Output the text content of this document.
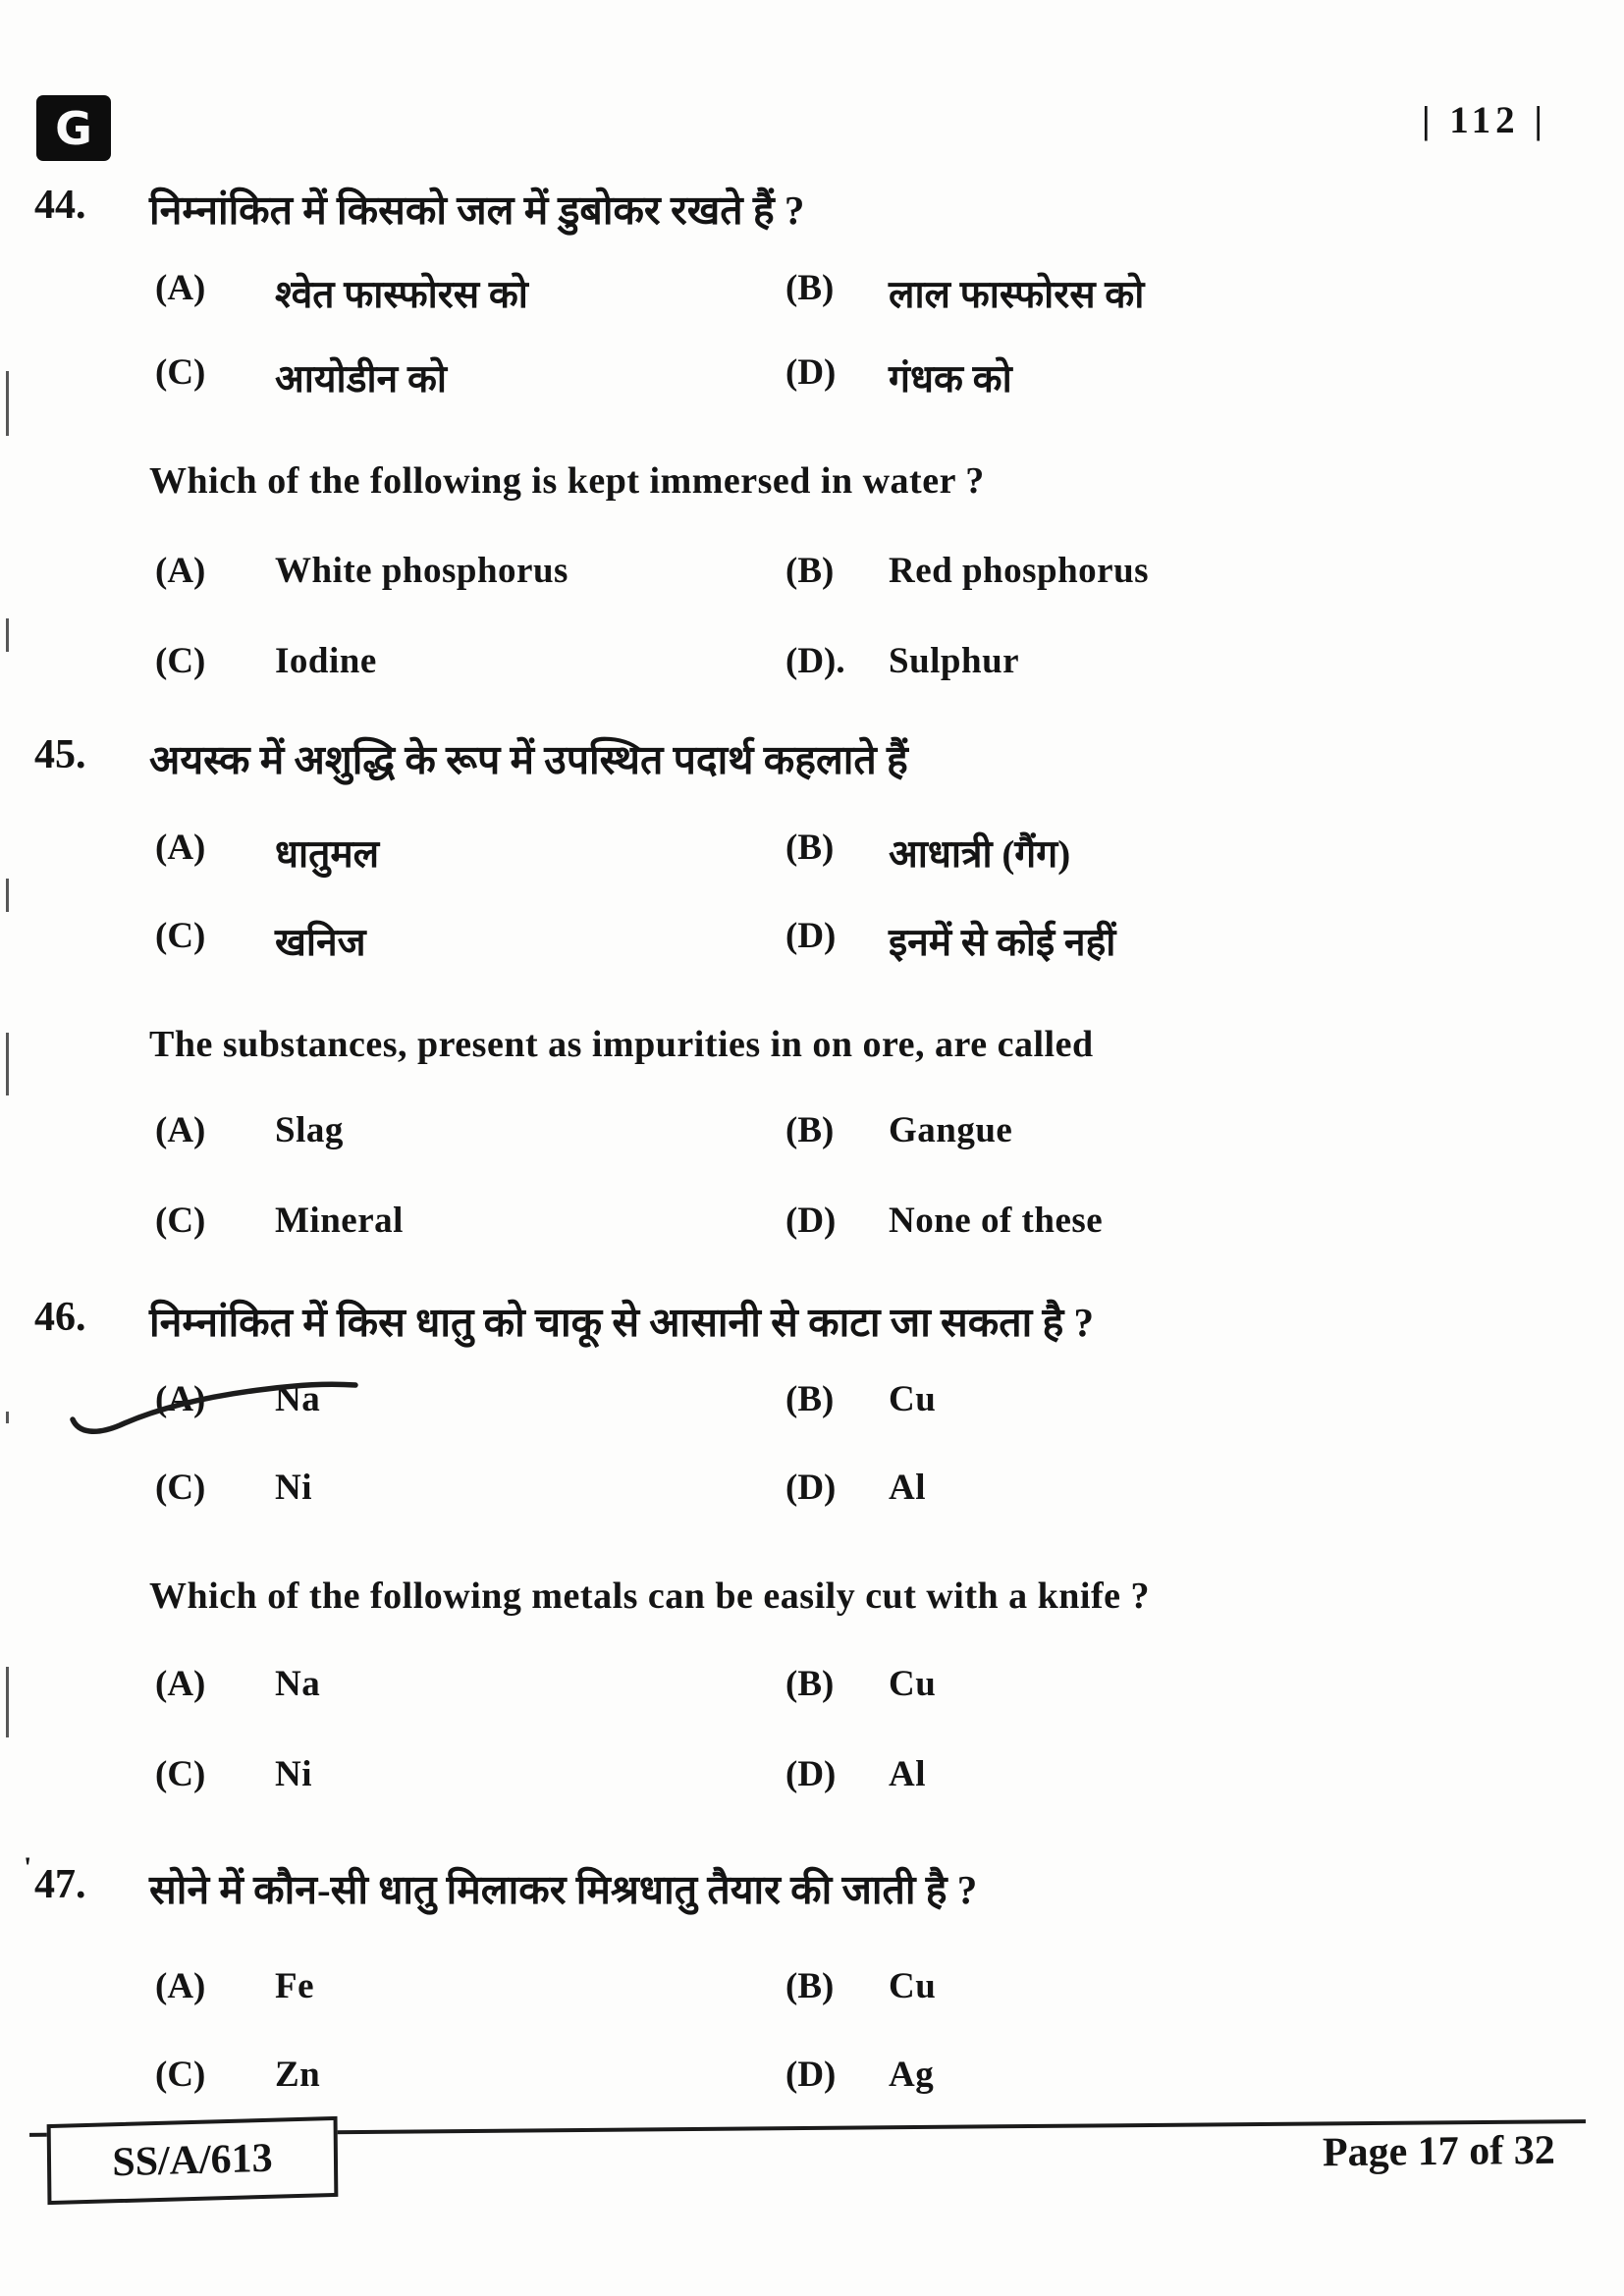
G	| 112 |
'
44. निम्नांकित में किसको जल में डुबोकर रखते हैं ?
(A) श्वेत फास्फोरस को	(B) लाल फास्फोरस को
(C) आयोडीन को	(D) गंधक को
Which of the following is kept immersed in water ?
(A) White phosphorus	(B) Red phosphorus
(C) Iodine	(D). Sulphur
45. अयस्क में अशुद्धि के रूप में उपस्थित पदार्थ कहलाते हैं
(A) धातुमल	(B) आधात्री (गैंग)
(C) खनिज	(D) इनमें से कोई नहीं
The substances, present as impurities in on ore, are called
(A) Slag	(B) Gangue
(C) Mineral	(D) None of these
46. निम्नांकित में किस धातु को चाकू से आसानी से काटा जा सकता है ?
(A) Na	(B) Cu
(C) Ni	(D) Al
Which of the following metals can be easily cut with a knife ?
(A) Na	(B) Cu
(C) Ni	(D) Al
47. सोने में कौन-सी धातु मिलाकर मिश्रधातु तैयार की जाती है ?
(A) Fe	(B) Cu
(C) Zn	(D) Ag
SS/A/613	Page 17 of 32
